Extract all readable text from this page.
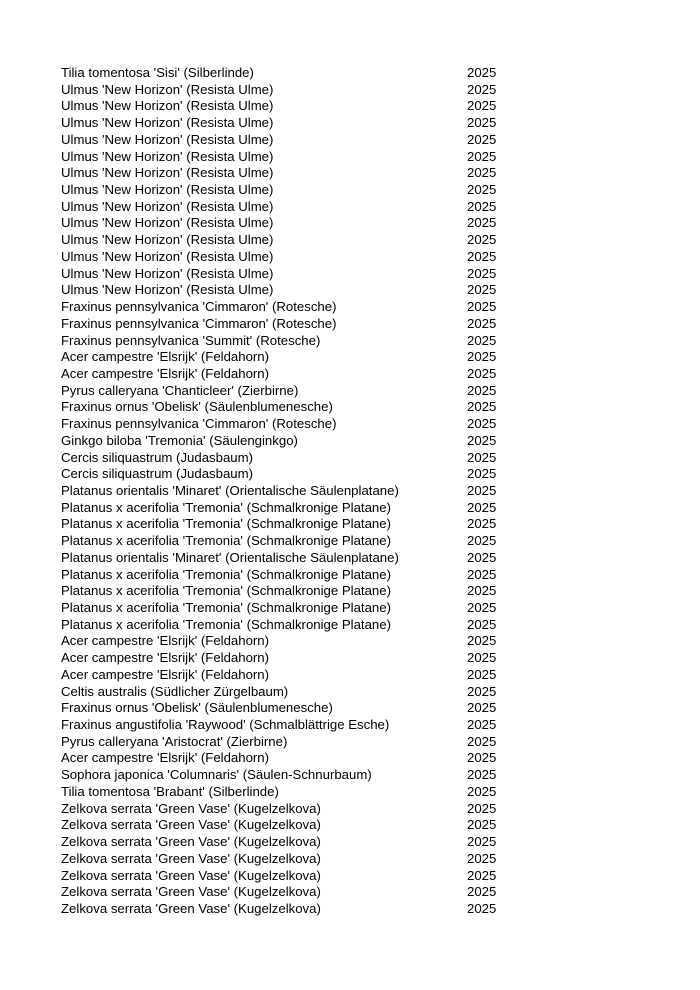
Tilia tomentosa 'Sisi' (Silberlinde)	2025
Ulmus 'New Horizon' (Resista Ulme)	2025
Ulmus 'New Horizon' (Resista Ulme)	2025
Ulmus 'New Horizon' (Resista Ulme)	2025
Ulmus 'New Horizon' (Resista Ulme)	2025
Ulmus 'New Horizon' (Resista Ulme)	2025
Ulmus 'New Horizon' (Resista Ulme)	2025
Ulmus 'New Horizon' (Resista Ulme)	2025
Ulmus 'New Horizon' (Resista Ulme)	2025
Ulmus 'New Horizon' (Resista Ulme)	2025
Ulmus 'New Horizon' (Resista Ulme)	2025
Ulmus 'New Horizon' (Resista Ulme)	2025
Ulmus 'New Horizon' (Resista Ulme)	2025
Ulmus 'New Horizon' (Resista Ulme)	2025
Fraxinus pennsylvanica 'Cimmaron' (Rotesche)	2025
Fraxinus pennsylvanica 'Cimmaron' (Rotesche)	2025
Fraxinus pennsylvanica 'Summit' (Rotesche)	2025
Acer campestre 'Elsrijk' (Feldahorn)	2025
Acer campestre 'Elsrijk' (Feldahorn)	2025
Pyrus calleryana 'Chanticleer' (Zierbirne)	2025
Fraxinus ornus 'Obelisk' (Säulenblumenesche)	2025
Fraxinus pennsylvanica 'Cimmaron' (Rotesche)	2025
Ginkgo biloba 'Tremonia' (Säulenginkgo)	2025
Cercis siliquastrum (Judasbaum)	2025
Cercis siliquastrum (Judasbaum)	2025
Platanus orientalis 'Minaret' (Orientalische Säulenplatane)	2025
Platanus x acerifolia 'Tremonia' (Schmalkronige Platane)	2025
Platanus x acerifolia 'Tremonia' (Schmalkronige Platane)	2025
Platanus x acerifolia 'Tremonia' (Schmalkronige Platane)	2025
Platanus orientalis 'Minaret' (Orientalische Säulenplatane)	2025
Platanus x acerifolia 'Tremonia' (Schmalkronige Platane)	2025
Platanus x acerifolia 'Tremonia' (Schmalkronige Platane)	2025
Platanus x acerifolia 'Tremonia' (Schmalkronige Platane)	2025
Platanus x acerifolia 'Tremonia' (Schmalkronige Platane)	2025
Acer campestre 'Elsrijk' (Feldahorn)	2025
Acer campestre 'Elsrijk' (Feldahorn)	2025
Acer campestre 'Elsrijk' (Feldahorn)	2025
Celtis australis (Südlicher Zürgelbaum)	2025
Fraxinus ornus 'Obelisk' (Säulenblumenesche)	2025
Fraxinus angustifolia 'Raywood' (Schmalblättrige Esche)	2025
Pyrus calleryana 'Aristocrat' (Zierbirne)	2025
Acer campestre 'Elsrijk' (Feldahorn)	2025
Sophora japonica 'Columnaris' (Säulen-Schnurbaum)	2025
Tilia tomentosa 'Brabant' (Silberlinde)	2025
Zelkova serrata 'Green Vase' (Kugelzelkova)	2025
Zelkova serrata 'Green Vase' (Kugelzelkova)	2025
Zelkova serrata 'Green Vase' (Kugelzelkova)	2025
Zelkova serrata 'Green Vase' (Kugelzelkova)	2025
Zelkova serrata 'Green Vase' (Kugelzelkova)	2025
Zelkova serrata 'Green Vase' (Kugelzelkova)	2025
Zelkova serrata 'Green Vase' (Kugelzelkova)	2025
